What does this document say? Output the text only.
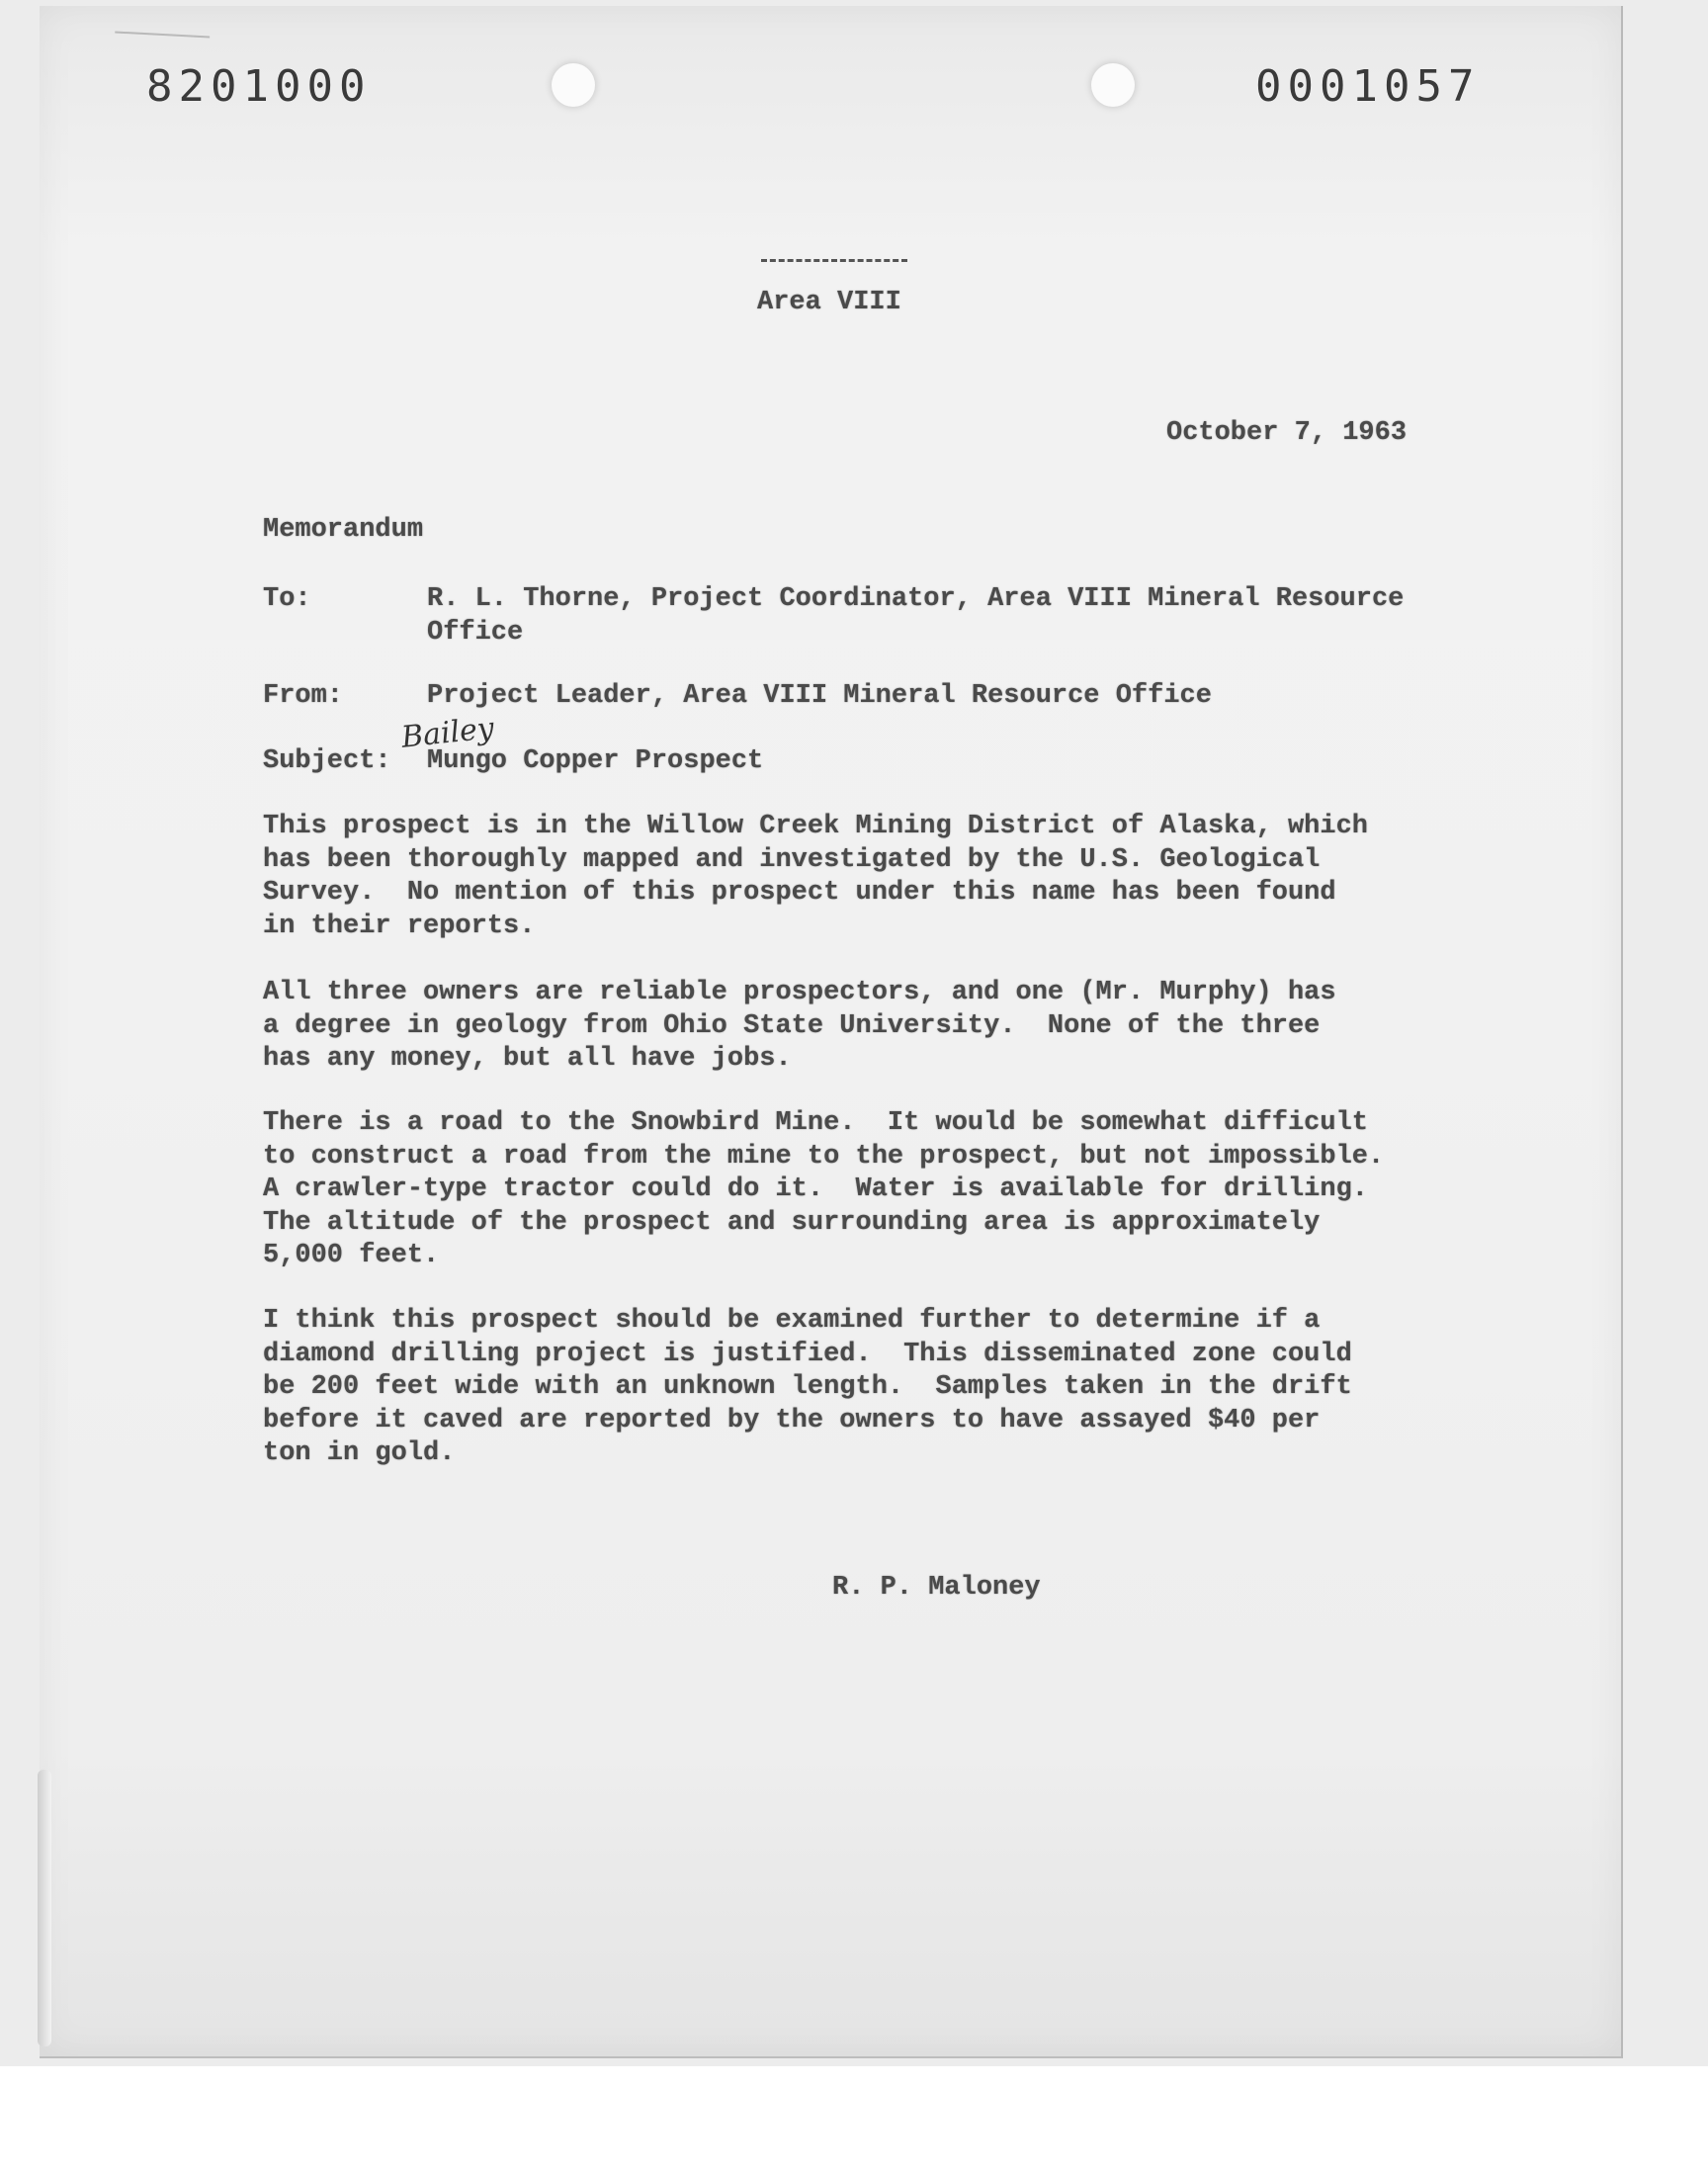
8201000	0001057
Area VIII
October 7, 1963
Memorandum
To:	R. L. Thorne, Project Coordinator, Area VIII Mineral Resource Office
From:	Project Leader, Area VIII Mineral Resource Office
Bailey
Subject: Mungo Copper Prospect
This prospect is in the Willow Creek Mining District of Alaska, which
has been thoroughly mapped and investigated by the U.S. Geological
Survey.  No mention of this prospect under this name has been found
in their reports.
All three owners are reliable prospectors, and one (Mr. Murphy) has
a degree in geology from Ohio State University.  None of the three
has any money, but all have jobs.
There is a road to the Snowbird Mine.  It would be somewhat difficult
to construct a road from the mine to the prospect, but not impossible.
A crawler-type tractor could do it.  Water is available for drilling.
The altitude of the prospect and surrounding area is approximately
5,000 feet.
I think this prospect should be examined further to determine if a
diamond drilling project is justified.  This disseminated zone could
be 200 feet wide with an unknown length.  Samples taken in the drift
before it caved are reported by the owners to have assayed $40 per
ton in gold.
R. P. Maloney
